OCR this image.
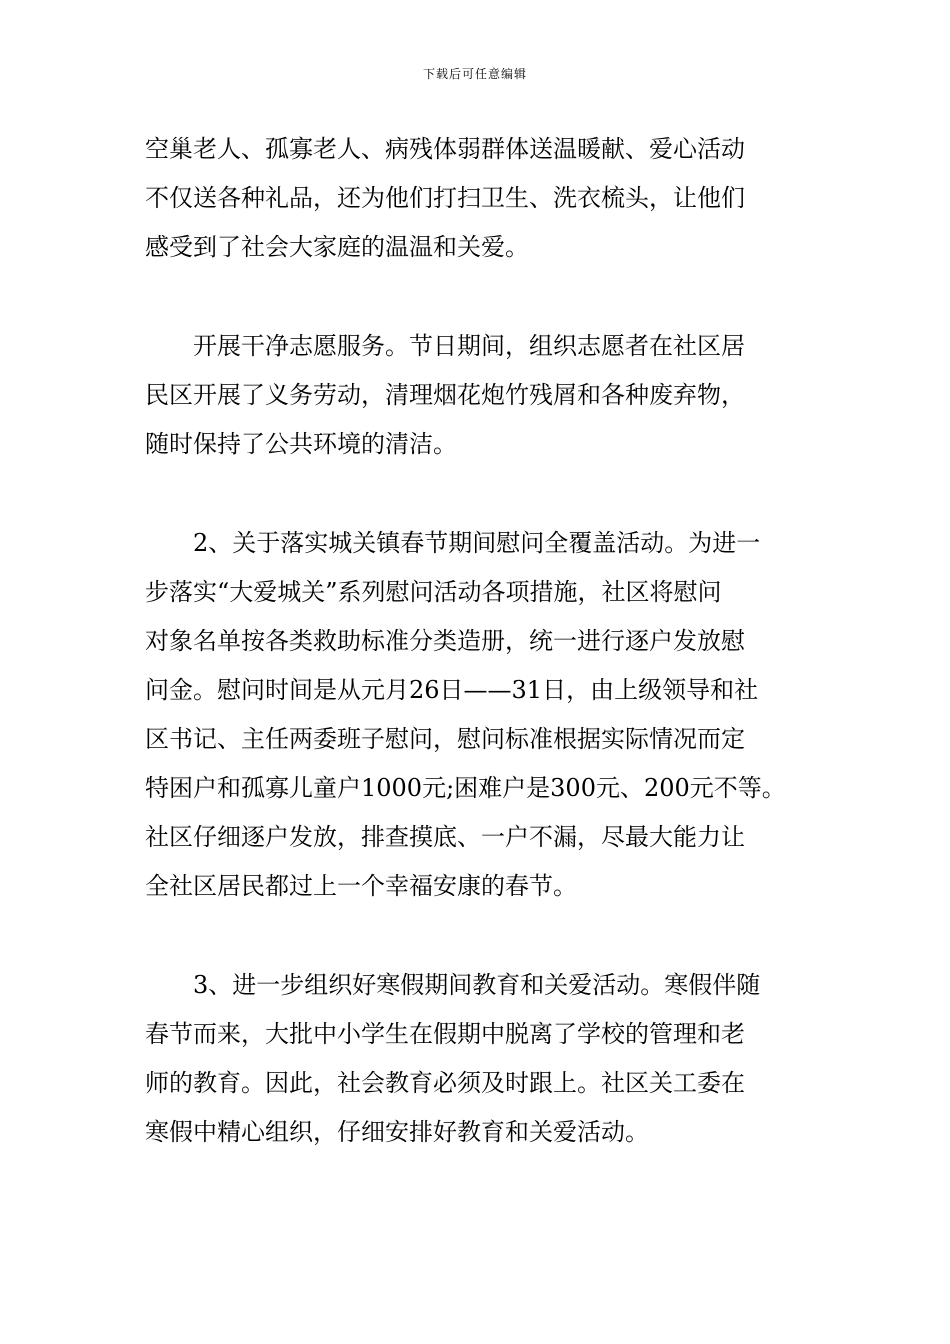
下载后可任意编辑

空巢老人、孤寡老人、病残体弱群体送温暖献、爱心活动
不仅送各种礼品，还为他们打扫卫生、洗衣梳头，让他们
感受到了社会大家庭的温温和关爱。

开展干净志愿服务。节日期间，组织志愿者在社区居
民区开展了义务劳动，清理烟花炮竹残屑和各种废弃物，
随时保持了公共环境的清洁。

2、关于落实城关镇春节期间慰问全覆盖活动。为进一
步落实“大爱城关”系列慰问活动各项措施，社区将慰问
对象名单按各类救助标准分类造册，统一进行逐户发放慰
问金。慰问时间是从元月26日——31日，由上级领导和社
区书记、主任两委班子慰问，慰问标准根据实际情况而定
特困户和孤寡儿童户1000元;困难户是300元、200元不等。
社区仔细逐户发放，排查摸底、一户不漏，尽最大能力让
全社区居民都过上一个幸福安康的春节。

3、进一步组织好寒假期间教育和关爱活动。寒假伴随
春节而来，大批中小学生在假期中脱离了学校的管理和老
师的教育。因此，社会教育必须及时跟上。社区关工委在
寒假中精心组织，仔细安排好教育和关爱活动。
